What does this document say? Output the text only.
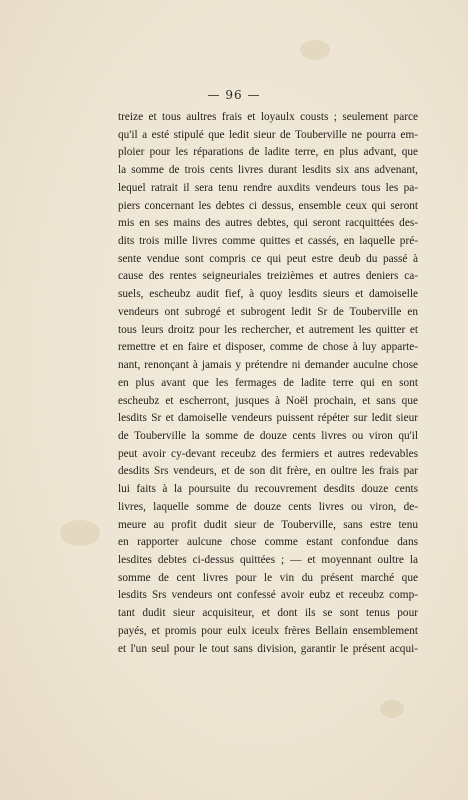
— 96 —
treize et tous aultres frais et loyaulx cousts ; seulement parce
qu'il a esté stipulé que ledit sieur de Touberville ne pourra em-
ploier pour les réparations de ladite terre, en plus advant, que
la somme de trois cents livres durant lesdits six ans advenant,
lequel ratrait il sera tenu rendre auxdits vendeurs tous les pa-
piers concernant les debtes ci dessus, ensemble ceux qui seront
mis en ses mains des autres debtes, qui seront racquittées des-
dits trois mille livres comme quittes et cassés, en laquelle pré-
sente vendue sont compris ce qui peut estre deub du passé à
cause des rentes seigneuriales treizièmes et autres deniers ca-
suels, escheubz audit fief, à quoy lesdits sieurs et damoiselle
vendeurs ont subrogé et subrogent ledit Sr de Touberville en
tous leurs droitz pour les rechercher, et autrement les quitter et
remettre et en faire et disposer, comme de chose à luy apparte-
nant, renonçant à jamais y prétendre ni demander auculne chose
en plus avant que les fermages de ladite terre qui en sont
escheubz et escherront, jusques à Noël prochain, et sans que
lesdits Sr et damoiselle vendeurs puissent répéter sur ledit sieur
de Touberville la somme de douze cents livres ou viron qu'il
peut avoir cy-devant receubz des fermiers et autres redevables
desdits Srs vendeurs, et de son dit frère, en oultre les frais par
lui faits à la poursuite du recouvrement desdits douze cents
livres, laquelle somme de douze cents livres ou viron, de-
meure au profit dudit sieur de Touberville, sans estre tenu
en rapporter aulcune chose comme estant confondue dans
lesdites debtes ci-dessus quittées ; — et moyennant oultre la
somme de cent livres pour le vin du présent marché que
lesdits Srs vendeurs ont confessé avoir eubz et receubz comp-
tant dudit sieur acquisiteur, et dont ils se sont tenus pour
payés, et promis pour eulx iceulx frères Bellain ensemblement
et l'un seul pour le tout sans division, garantir le présent acqui-
